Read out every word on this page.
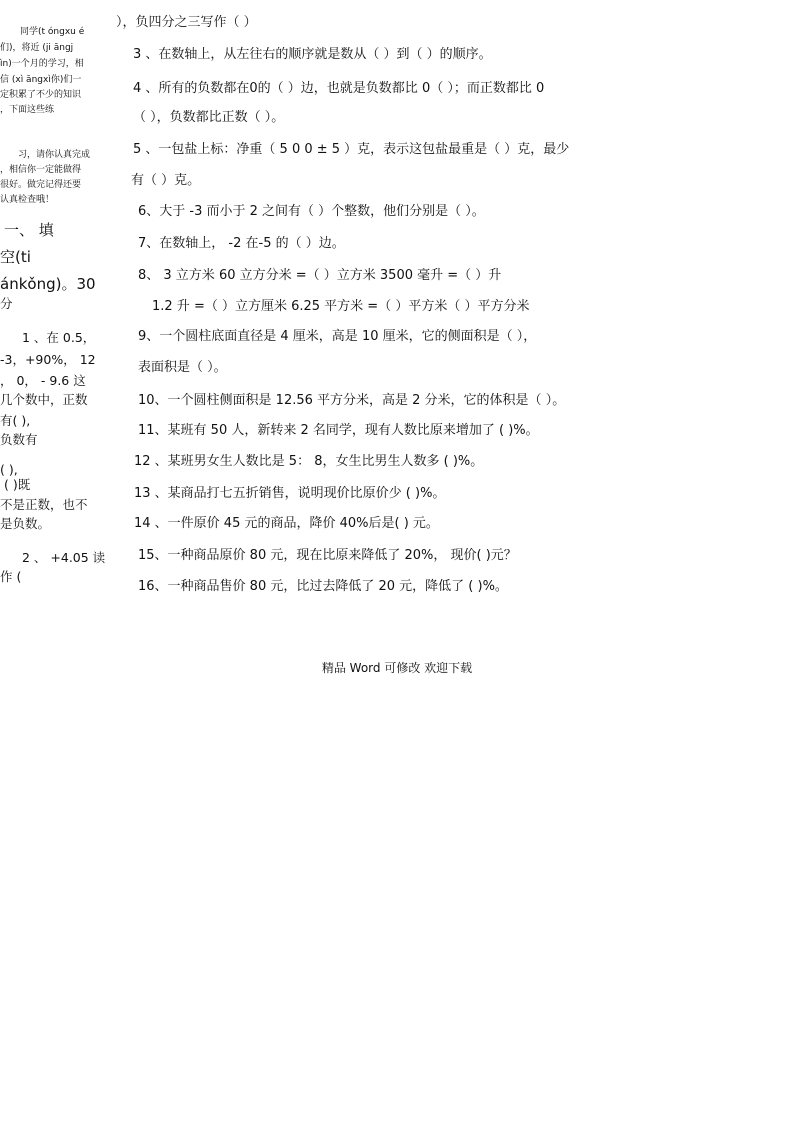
同学(t óngxu é
们)，将近 (ji āngj
ìn)一个月的学习，相
信 (xì āngxì你)们一
定积累了不少的知识
，下面这些练
习，请你认真完成
，相信你一定能做得
很好。做完记得还要
认真检查哦！
一、 填
空(ti
ánkǒng)。30
分
1 、在 0.5，
-3，+90%， 12
， 0， - 9.6 这
几个数中，正数
有( ),
负数有
( ),
( )既
不是正数，也不
是负数。
2 、 +4.05 读
作 (
），负四分之三写作（ ）
3 、在数轴上，从左往右的顺序就是数从（ ）到（ ）的顺序。
4 、所有的负数都在0的（ ）边，也就是负数都比 0（ ）；而正数都比 0
（ ），负数都比正数（ ）。
5 、一包盐上标：净重（ 5 0 0 ± 5 ）克，表示这包盐最重是（ ）克，最少
有（ ）克。
6、大于 -3 而小于 2 之间有（ ）个整数，他们分别是（ ）。
7、在数轴上， -2 在-5 的（ ）边。
8、 3 立方米 60 立方分米 =（ ）立方米 3500 毫升 =（ ）升
1.2 升 =（ ）立方厘米 6.25 平方米 =（ ）平方米（ ）平方分米
9、一个圆柱底面直径是 4 厘米，高是 10 厘米，它的侧面积是（ ），
表面积是（ ）。
10、一个圆柱侧面积是 12.56 平方分米，高是 2 分米，它的体积是（ ）。
11、某班有 50 人，新转来 2 名同学，现有人数比原来增加了 ( )%。
12 、某班男女生人数比是 5： 8，女生比男生人数多 ( )%。
13 、某商品打七五折销售，说明现价比原价少 ( )%。
14 、一件原价 45 元的商品，降价 40%后是( ) 元。
15、一种商品原价 80 元，现在比原来降低了 20%， 现价( )元？
16、一种商品售价 80 元，比过去降低了 20 元，降低了 ( )%。
精品 Word 可修改 欢迎下载
